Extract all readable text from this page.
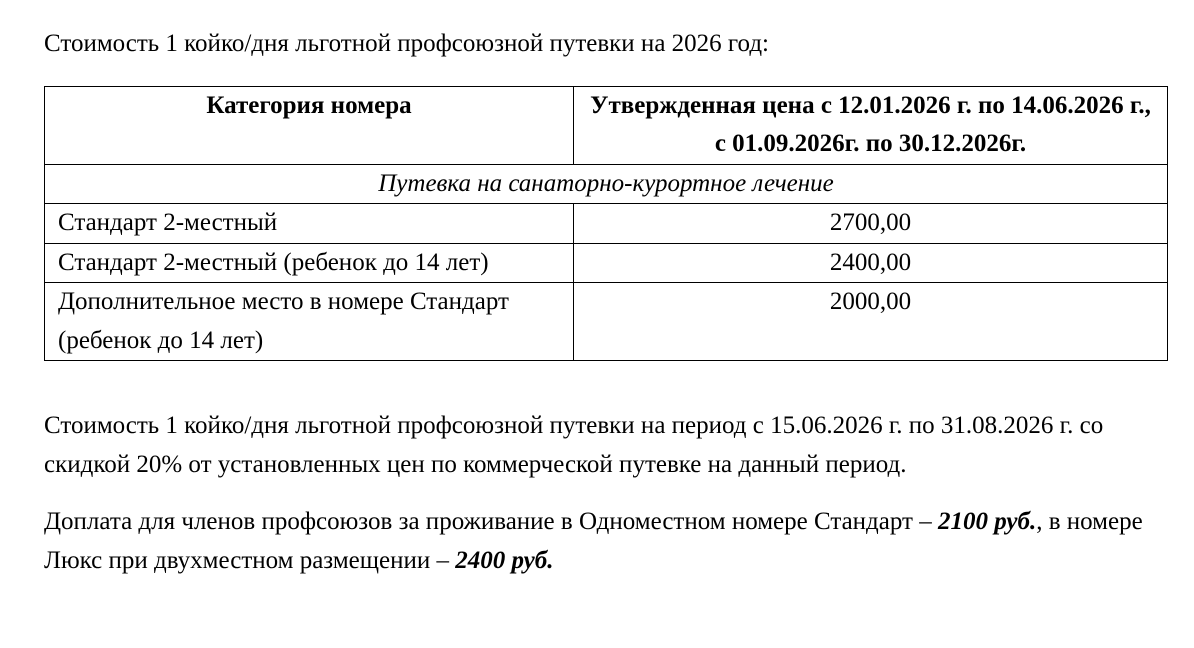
Стоимость 1 койко/дня льготной профсоюзной путевки на 2026 год:

Категория номера	Утвержденная цена с 12.01.2026 г. по 14.06.2026 г., с 01.09.2026г. по 30.12.2026г.
Путевка на санаторно-курортное лечение	
Стандарт 2-местный	2700,00
Стандарт 2-местный (ребенок до 14 лет)	2400,00
Дополнительное место в номере Стандарт (ребенок до 14 лет)	2000,00

Стоимость 1 койко/дня льготной профсоюзной путевки на период с 15.06.2026 г. по 31.08.2026 г. со скидкой 20% от установленных цен по коммерческой путевке на данный период.

Доплата для членов профсоюзов за проживание в Одноместном номере Стандарт – 2100 руб., в номере Люкс при двухместном размещении – 2400 руб.
